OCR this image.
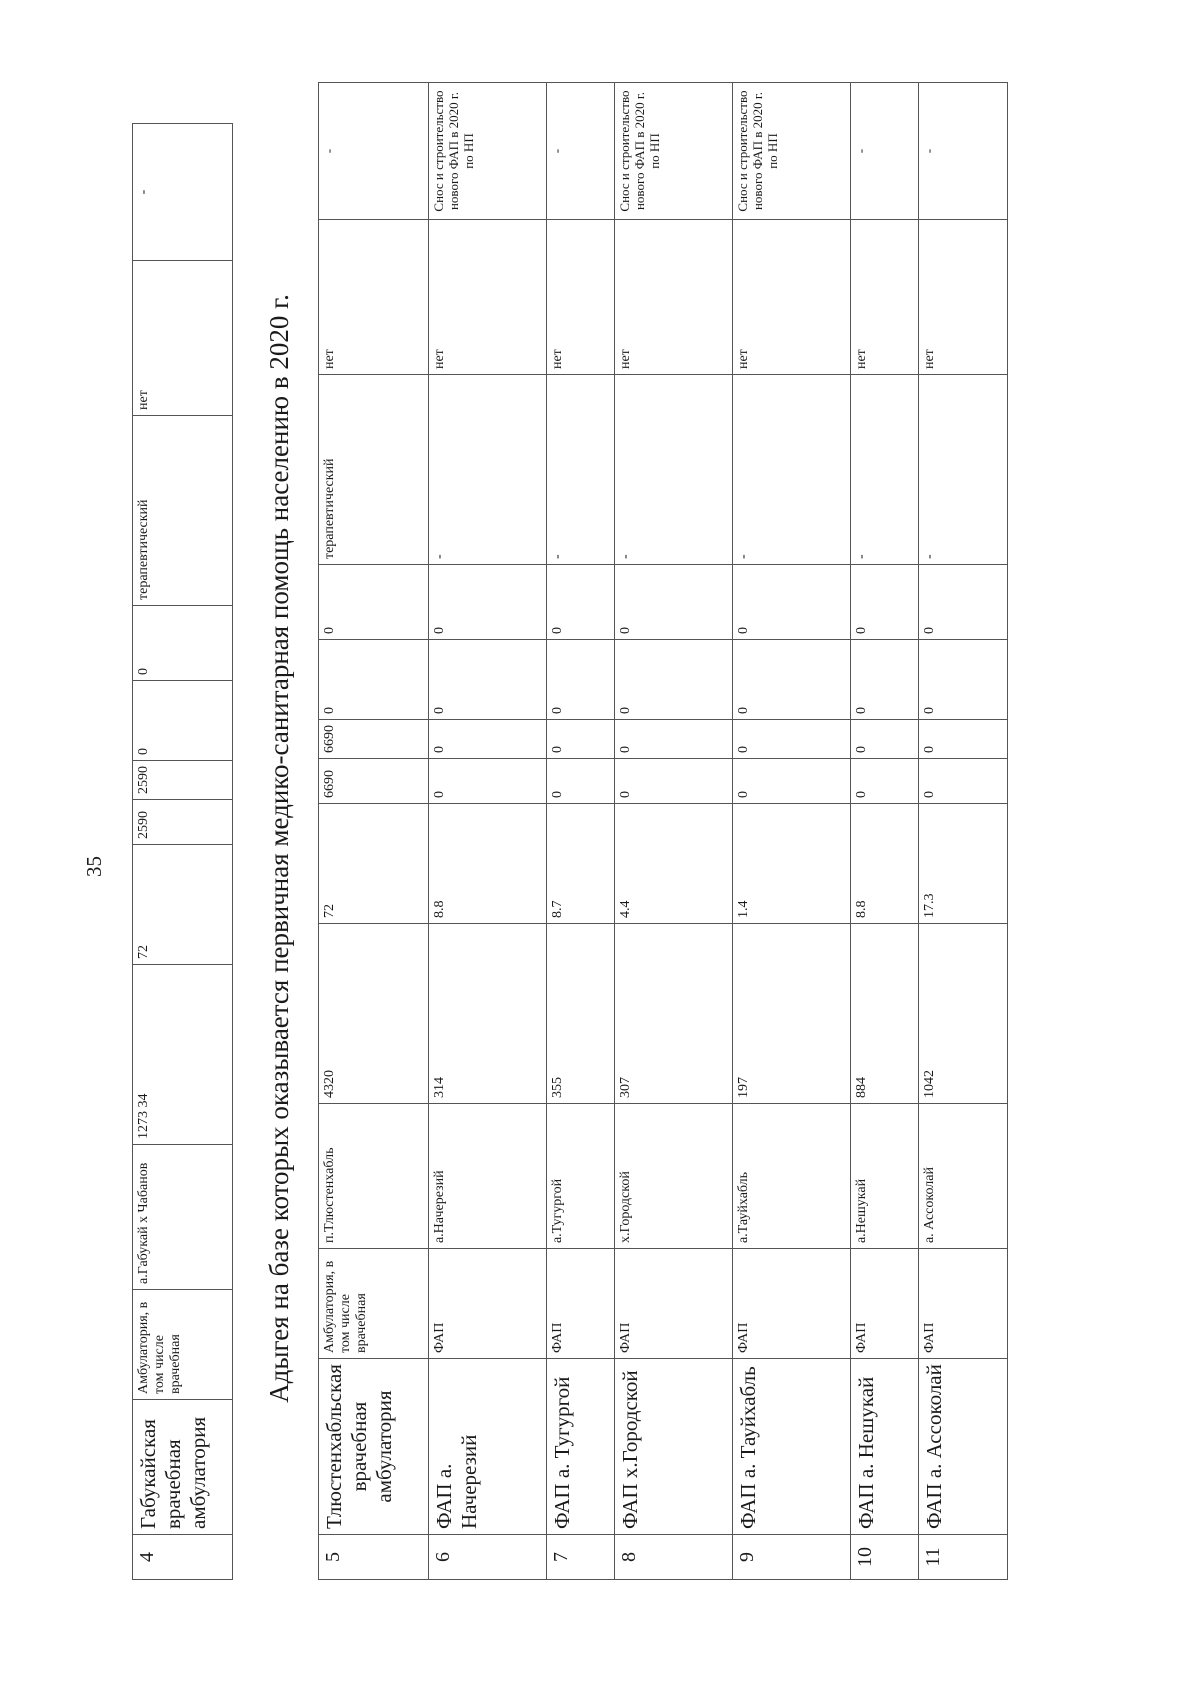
35
4	Габукайская врачебная амбулатория	Амбулатория, в том числе врачебная	а.Габукай х Чабанов	1273 34	72	2590	2590	0	0	терапевтический	нет	-
Адыгея на базе которых оказывается первичная медико-санитарная помощь населению в 2020 г.
5	Тлюстенхабльская врачебная амбулатория	Амбулатория, в том числе врачебная	п.Тлюстенхабль	4320	72	6690	6690	0	0	терапевтический	нет	-
6	ФАП а. Начерезий	ФАП	а.Начерезий	314	8.8	0	0	0	0	-	нет	Снос и строительство нового ФАП в 2020 г. по НП
7	ФАП а. Тугургой	ФАП	а.Тугургой	355	8.7	0	0	0	0	-	нет	-
8	ФАП х.Городской	ФАП	х.Городской	307	4.4	0	0	0	0	-	нет	Снос и строительство нового ФАП в 2020 г. по НП
9	ФАП а. Тауйхабль	ФАП	а.Тауйхабль	197	1.4	0	0	0	0	-	нет	Снос и строительство нового ФАП в 2020 г. по НП
10	ФАП а. Нешукай	ФАП	а.Нешукай	884	8.8	0	0	0	0	-	нет	-
11	ФАП а. Ассоколай	ФАП	а. Ассоколай	1042	17.3	0	0	0	0	-	нет	-
